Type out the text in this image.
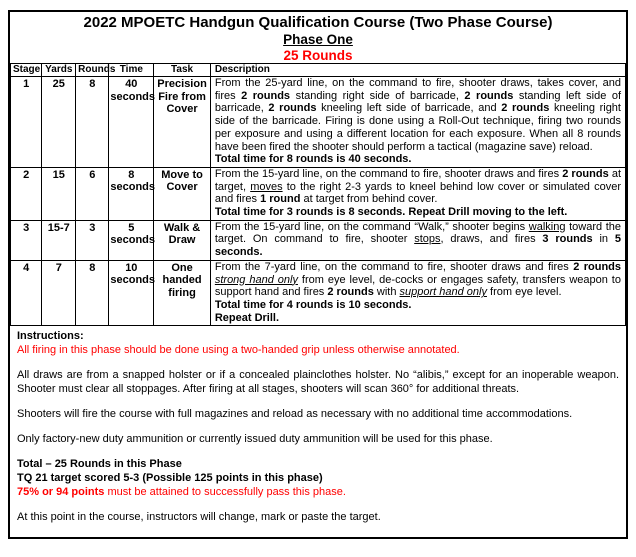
2022 MPOETC Handgun Qualification Course (Two Phase Course)
Phase One
25 Rounds
Stage	Yards	Rounds	Time	Task	Description
1	25	8	40 seconds	Precision Fire from Cover	From the 25-yard line, on the command to fire, shooter draws, takes cover, and fires 2 rounds standing right side of barricade, 2 rounds standing left side of barricade, 2 rounds kneeling left side of barricade, and 2 rounds kneeling right side of the barricade. Firing is done using a Roll-Out technique, firing two rounds per exposure and using a different location for each exposure. When all 8 rounds have been fired the shooter should perform a tactical (magazine save) reload.
Total time for 8 rounds is 40 seconds.
2	15	6	8 seconds	Move to Cover	From the 15-yard line, on the command to fire, shooter draws and fires 2 rounds at target, moves to the right 2-3 yards to kneel behind low cover or simulated cover and fires 1 round at target from behind cover.
Total time for 3 rounds is 8 seconds. Repeat Drill moving to the left.
3	15-7	3	5 seconds	Walk & Draw	From the 15-yard line, on the command “Walk,” shooter begins walking toward the target. On command to fire, shooter stops, draws, and fires 3 rounds in 5 seconds.
4	7	8	10 seconds	One handed firing	From the 7-yard line, on the command to fire, shooter draws and fires 2 rounds strong hand only from eye level, de-cocks or engages safety, transfers weapon to support hand and fires 2 rounds with support hand only from eye level.
Total time for 4 rounds is 10 seconds.
Repeat Drill.
Instructions:
All firing in this phase should be done using a two-handed grip unless otherwise annotated.
All draws are from a snapped holster or if a concealed plainclothes holster. No “alibis,” except for an inoperable weapon. Shooter must clear all stoppages. After firing at all stages, shooters will scan 360° for additional threats.
Shooters will fire the course with full magazines and reload as necessary with no additional time accommodations.
Only factory-new duty ammunition or currently issued duty ammunition will be used for this phase.
Total – 25 Rounds in this Phase
TQ 21 target scored 5-3 (Possible 125 points in this phase)
75% or 94 points must be attained to successfully pass this phase.
At this point in the course, instructors will change, mark or paste the target.
